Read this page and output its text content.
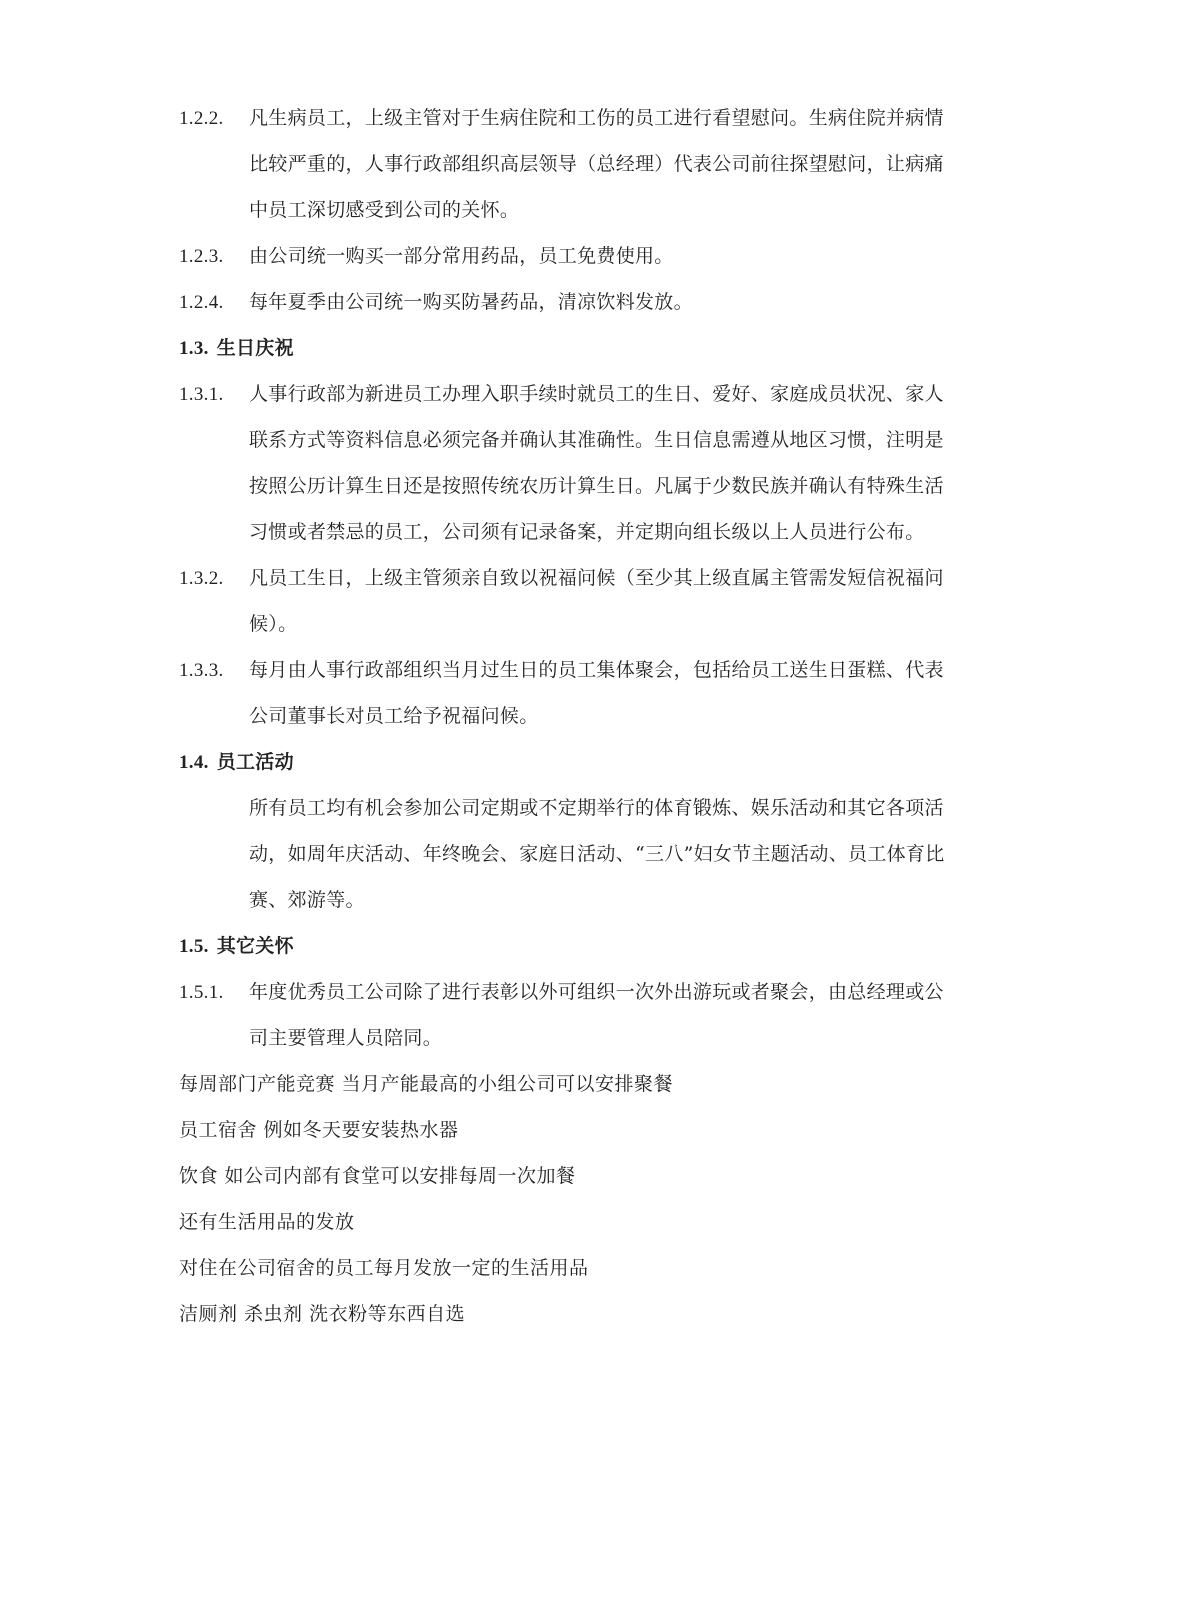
1.2.2. 凡生病员工，上级主管对于生病住院和工伤的员工进行看望慰问。生病住院并病情
比较严重的，人事行政部组织高层领导（总经理）代表公司前往探望慰问，让病痛
中员工深切感受到公司的关怀。
1.2.3. 由公司统一购买一部分常用药品，员工免费使用。
1.2.4. 每年夏季由公司统一购买防暑药品，清凉饮料发放。
1.3. 生日庆祝
1.3.1. 人事行政部为新进员工办理入职手续时就员工的生日、爱好、家庭成员状况、家人
联系方式等资料信息必须完备并确认其准确性。生日信息需遵从地区习惯，注明是
按照公历计算生日还是按照传统农历计算生日。凡属于少数民族并确认有特殊生活
习惯或者禁忌的员工，公司须有记录备案，并定期向组长级以上人员进行公布。
1.3.2. 凡员工生日，上级主管须亲自致以祝福问候（至少其上级直属主管需发短信祝福问
候）。
1.3.3. 每月由人事行政部组织当月过生日的员工集体聚会，包括给员工送生日蛋糕、代表
公司董事长对员工给予祝福问候。
1.4. 员工活动
所有员工均有机会参加公司定期或不定期举行的体育锻炼、娱乐活动和其它各项活
动，如周年庆活动、年终晚会、家庭日活动、“三八”妇女节主题活动、员工体育比
赛、郊游等。
1.5. 其它关怀
1.5.1. 年度优秀员工公司除了进行表彰以外可组织一次外出游玩或者聚会，由总经理或公
司主要管理人员陪同。
每周部门产能竞赛 当月产能最高的小组公司可以安排聚餐
员工宿舍 例如冬天要安装热水器
饮食 如公司内部有食堂可以安排每周一次加餐
还有生活用品的发放
对住在公司宿舍的员工每月发放一定的生活用品
洁厕剂 杀虫剂 洗衣粉等东西自选
